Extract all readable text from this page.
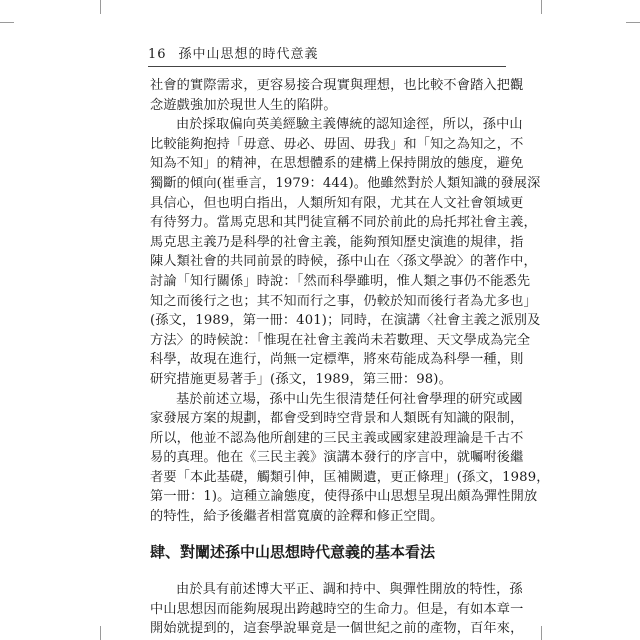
16 孫中山思想的時代意義
社會的實際需求，更容易接合現實與理想，也比較不會踏入把觀
念遊戲強加於現世人生的陷阱。
由於採取偏向英美經驗主義傳統的認知途徑，所以，孫中山
比較能夠抱持「毋意、毋必、毋固、毋我」和「知之為知之，不
知為不知」的精神，在思想體系的建構上保持開放的態度，避免
獨斷的傾向(崔垂言，1979：444)。他雖然對於人類知識的發展深
具信心，但也明白指出，人類所知有限，尤其在人文社會領域更
有待努力。當馬克思和其門徒宣稱不同於前此的烏托邦社會主義，
馬克思主義乃是科學的社會主義，能夠預知歷史演進的規律，指
陳人類社會的共同前景的時候，孫中山在〈孫文學說〉的著作中，
討論「知行關係」時說：「然而科學雖明，惟人類之事仍不能悉先
知之而後行之也；其不知而行之事，仍較於知而後行者為尤多也」
(孫文，1989，第一冊：401)；同時，在演講〈社會主義之派別及
方法〉的時候說：「惟現在社會主義尚未若數理、天文學成為完全
科學，故現在進行，尚無一定標準，將來苟能成為科學一種，則
研究措施更易著手」(孫文，1989，第三冊：98)。
基於前述立場，孫中山先生很清楚任何社會學理的研究或國
家發展方案的規劃，都會受到時空背景和人類既有知識的限制，
所以，他並不認為他所創建的三民主義或國家建設理論是千古不
易的真理。他在《三民主義》演講本發行的序言中，就囑咐後繼
者要「本此基礎，觸類引伸，匡補闕遺，更正條理」(孫文，1989，
第一冊：1)。這種立論態度，使得孫中山思想呈現出頗為彈性開放
的特性，給予後繼者相當寬廣的詮釋和修正空間。
肆、對闡述孫中山思想時代意義的基本看法
由於具有前述博大平正、調和持中、與彈性開放的特性，孫
中山思想因而能夠展現出跨越時空的生命力。但是，有如本章一
開始就提到的，這套學說畢竟是一個世紀之前的產物，百年來，
